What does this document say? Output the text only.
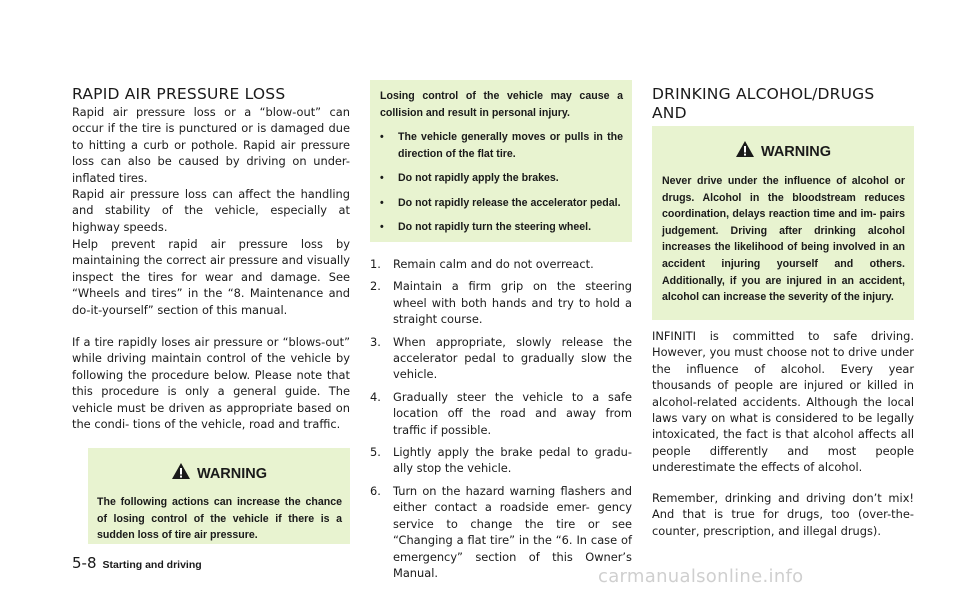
RAPID AIR PRESSURE LOSS

Rapid air pressure loss or a “blow-out” can occur if the tire is punctured or is damaged due to hitting a curb or pothole. Rapid air pressure loss can also be caused by driving on under-inflated tires.

Rapid air pressure loss can affect the handling and stability of the vehicle, especially at highway speeds.

Help prevent rapid air pressure loss by maintaining the correct air pressure and visually inspect the tires for wear and damage. See “Wheels and tires” in the “8. Maintenance and do-it-yourself” section of this manual.

If a tire rapidly loses air pressure or “blows-out” while driving maintain control of the vehicle by following the procedure below. Please note that this procedure is only a general guide. The vehicle must be driven as appropriate based on the condi- tions of the vehicle, road and traffic.

WARNING

The following actions can increase the chance of losing control of the vehicle if there is a sudden loss of tire air pressure.

Losing control of the vehicle may cause a collision and result in personal injury.

• The vehicle generally moves or pulls in the direction of the flat tire.
• Do not rapidly apply the brakes.
• Do not rapidly release the accelerator pedal.
• Do not rapidly turn the steering wheel.
1. Remain calm and do not overreact.
2. Maintain a firm grip on the steering wheel with both hands and try to hold a straight course.
3. When appropriate, slowly release the accelerator pedal to gradually slow the vehicle.
4. Gradually steer the vehicle to a safe location off the road and away from traffic if possible.
5. Lightly apply the brake pedal to gradu- ally stop the vehicle.
6. Turn on the hazard warning flashers and either contact a roadside emer- gency service to change the tire or see “Changing a flat tire” in the “6. In case of emergency” section of this Owner’s Manual.
DRINKING ALCOHOL/DRUGS AND

WARNING

Never drive under the influence of alcohol or drugs. Alcohol in the bloodstream reduces coordination, delays reaction time and im- pairs judgement. Driving after drinking alcohol increases the likelihood of being involved in an accident injuring yourself and others. Additionally, if you are injured in an accident, alcohol can increase the severity of the injury.

INFINITI is committed to safe driving. However, you must choose not to drive under the influence of alcohol. Every year thousands of people are injured or killed in alcohol-related accidents. Although the local laws vary on what is considered to be legally intoxicated, the fact is that alcohol affects all people differently and most people underestimate the effects of alcohol.

Remember, drinking and driving don’t mix! And that is true for drugs, too (over-the- counter, prescription, and illegal drugs).

5-8 Starting and driving
carmanualsonline.info
